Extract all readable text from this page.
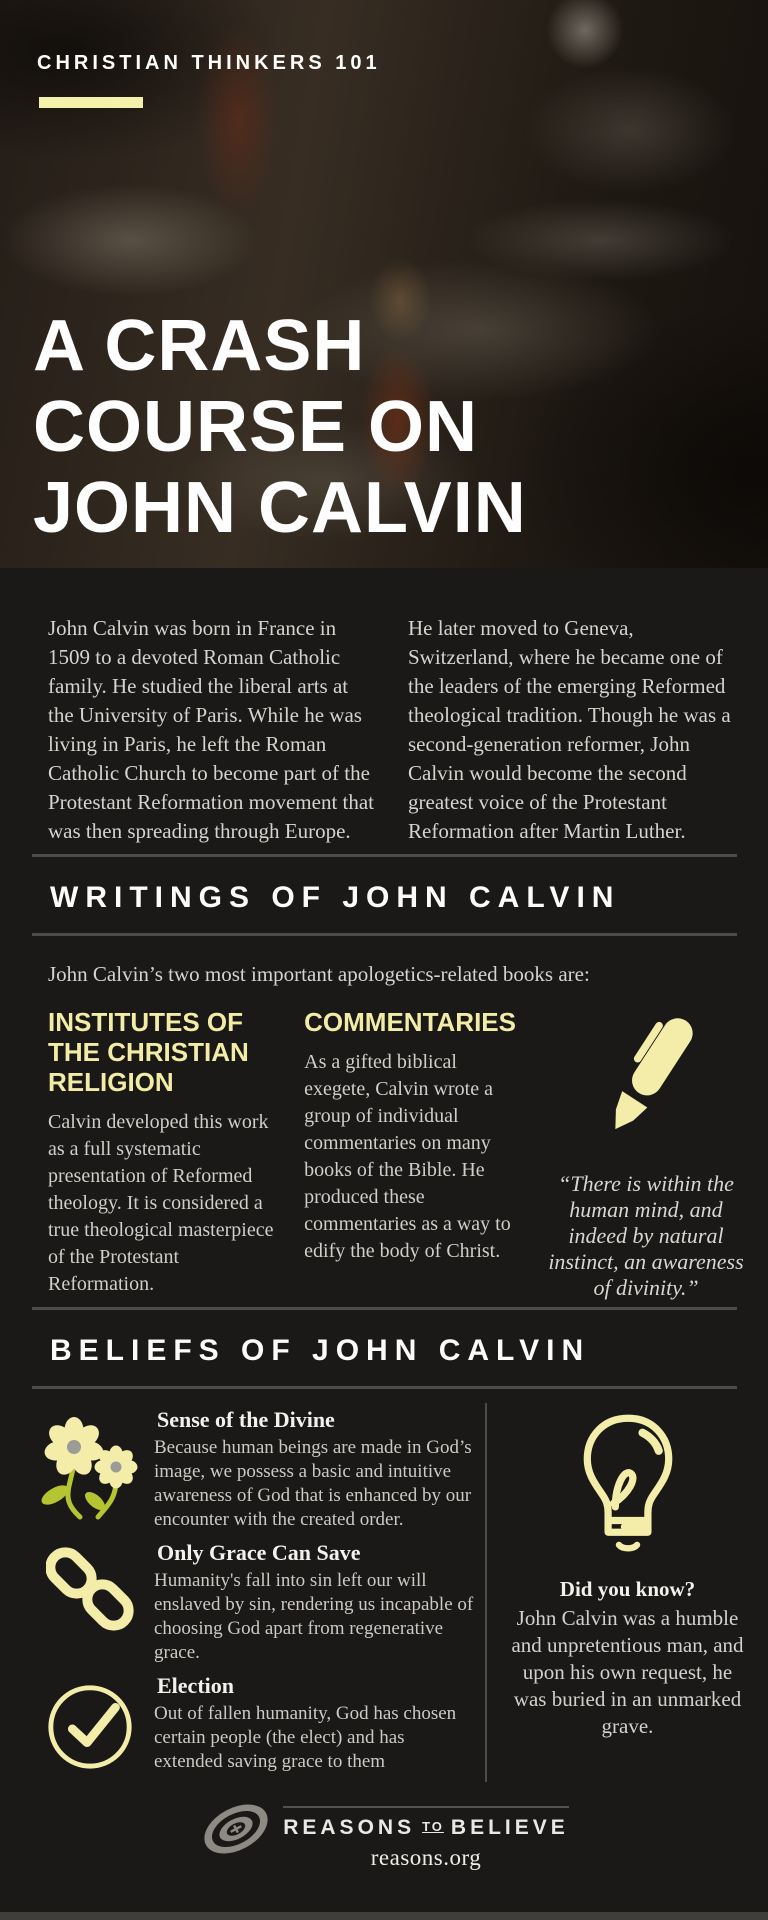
CHRISTIAN THINKERS 101
A CRASH
COURSE ON
JOHN CALVIN

John Calvin was born in France in 1509 to a devoted Roman Catholic family. He studied the liberal arts at the University of Paris. While he was living in Paris, he left the Roman Catholic Church to become part of the Protestant Reformation movement that was then spreading through Europe.

He later moved to Geneva, Switzerland, where he became one of the leaders of the emerging Reformed theological tradition. Though he was a second-generation reformer, John Calvin would become the second greatest voice of the Protestant Reformation after Martin Luther.

WRITINGS OF JOHN CALVIN
John Calvin’s two most important apologetics-related books are:
INSTITUTES OF THE CHRISTIAN RELIGION
Calvin developed this work as a full systematic presentation of Reformed theology. It is considered a true theological masterpiece of the Protestant Reformation.
COMMENTARIES
As a gifted biblical exegete, Calvin wrote a group of individual commentaries on many books of the Bible. He produced these commentaries as a way to edify the body of Christ.
“There is within the human mind, and indeed by natural instinct, an awareness of divinity.”
BELIEFS OF JOHN CALVIN
Sense of the Divine
Because human beings are made in God’s image, we possess a basic and intuitive awareness of God that is enhanced by our encounter with the created order.
Only Grace Can Save
Humanity's fall into sin left our will enslaved by sin, rendering us incapable of choosing God apart from regenerative grace.
Election
Out of fallen humanity, God has chosen certain people (the elect) and has extended saving grace to them
Did you know?
John Calvin was a humble and unpretentious man, and upon his own request, he was buried in an unmarked grave.
REASONS TO BELIEVE
reasons.org
